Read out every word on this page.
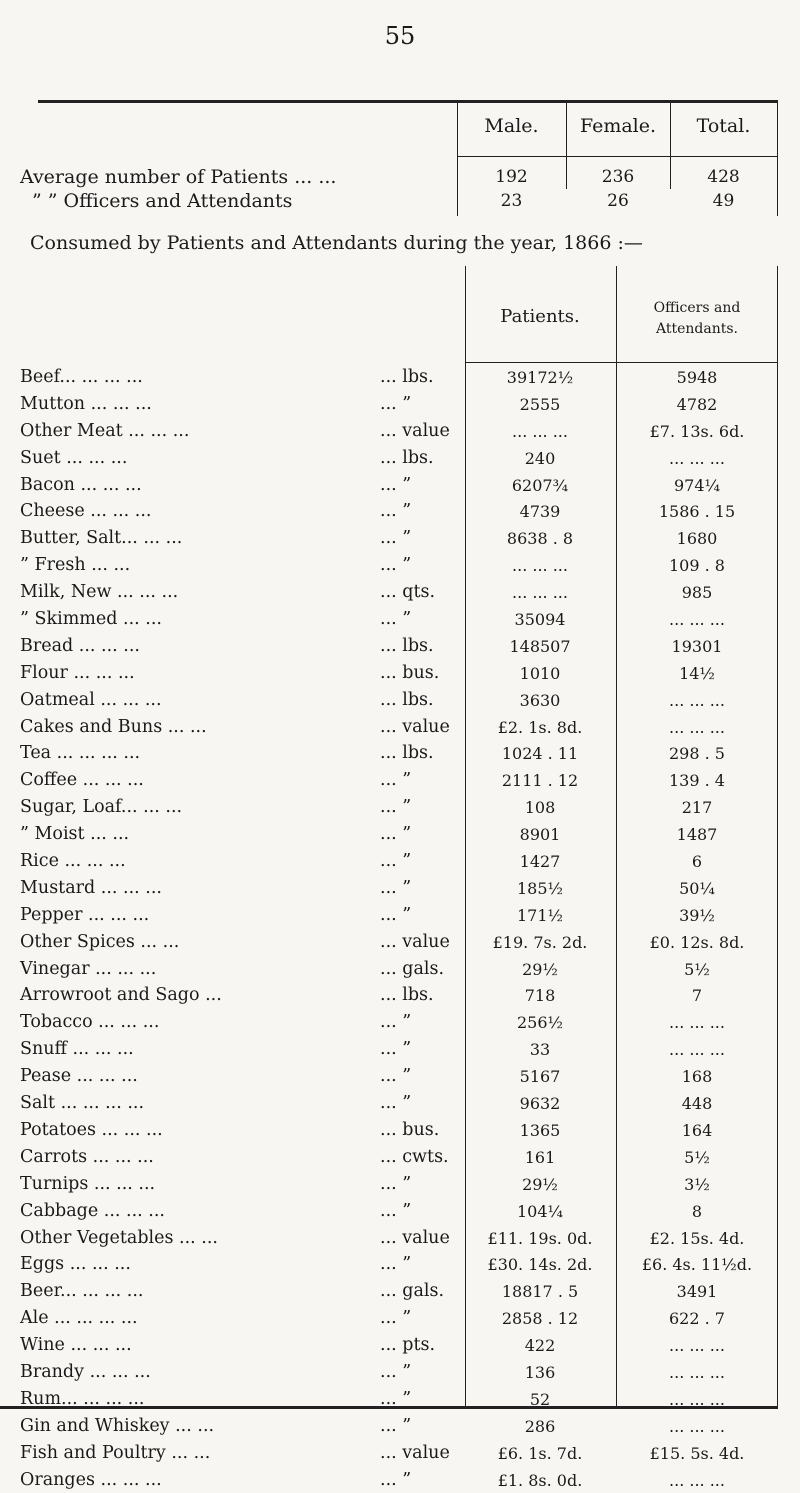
55
Male.	Female.	Total.
Average number of Patients ... ...	192	236	428
” ” Officers and Attendants	23	26	49
Consumed by Patients and Attendants during the year, 1866 :—
Patients.	Officers and Attendants.
Beef... ... ... ...	... lbs.	39172½	5948
Mutton ... ... ...	... ”	2555	4782
Other Meat ... ... ...	... value	... ... ...	£7. 13s. 6d.
Suet ... ... ...	... lbs.	240	... ... ...
Bacon ... ... ...	... ”	6207¾	974¼
Cheese ... ... ...	... ”	4739	1586 . 15
Butter, Salt... ... ...	... ”	8638 . 8	1680
” Fresh ... ...	... ”	... ... ...	109 . 8
Milk, New ... ... ...	... qts.	... ... ...	985
” Skimmed ... ...	... ”	35094	... ... ...
Bread ... ... ...	... lbs.	148507	19301
Flour ... ... ...	... bus.	1010	14½
Oatmeal ... ... ...	... lbs.	3630	... ... ...
Cakes and Buns ... ...	... value	£2. 1s. 8d.	... ... ...
Tea ... ... ... ...	... lbs.	1024 . 11	298 . 5
Coffee ... ... ...	... ”	2111 . 12	139 . 4
Sugar, Loaf... ... ...	... ”	108	217
” Moist ... ...	... ”	8901	1487
Rice ... ... ...	... ”	1427	6
Mustard ... ... ...	... ”	185½	50¼
Pepper ... ... ...	... ”	171½	39½
Other Spices ... ...	... value	£19. 7s. 2d.	£0. 12s. 8d.
Vinegar ... ... ...	... gals.	29½	5½
Arrowroot and Sago ...	... lbs.	718	7
Tobacco ... ... ...	... ”	256½	... ... ...
Snuff ... ... ...	... ”	33	... ... ...
Pease ... ... ...	... ”	5167	168
Salt ... ... ... ...	... ”	9632	448
Potatoes ... ... ...	... bus.	1365	164
Carrots ... ... ...	... cwts.	161	5½
Turnips ... ... ...	... ”	29½	3½
Cabbage ... ... ...	... ”	104¼	8
Other Vegetables ... ...	... value	£11. 19s. 0d.	£2. 15s. 4d.
Eggs ... ... ...	... ”	£30. 14s. 2d.	£6. 4s. 11½d.
Beer... ... ... ...	... gals.	18817 . 5	3491
Ale ... ... ... ...	... ”	2858 . 12	622 . 7
Wine ... ... ...	... pts.	422	... ... ...
Brandy ... ... ...	... ”	136	... ... ...
Rum... ... ... ...	... ”	52	... ... ...
Gin and Whiskey ... ...	... ”	286	... ... ...
Fish and Poultry ... ...	... value	£6. 1s. 7d.	£15. 5s. 4d.
Oranges ... ... ...	... ”	£1. 8s. 0d.	... ... ...
